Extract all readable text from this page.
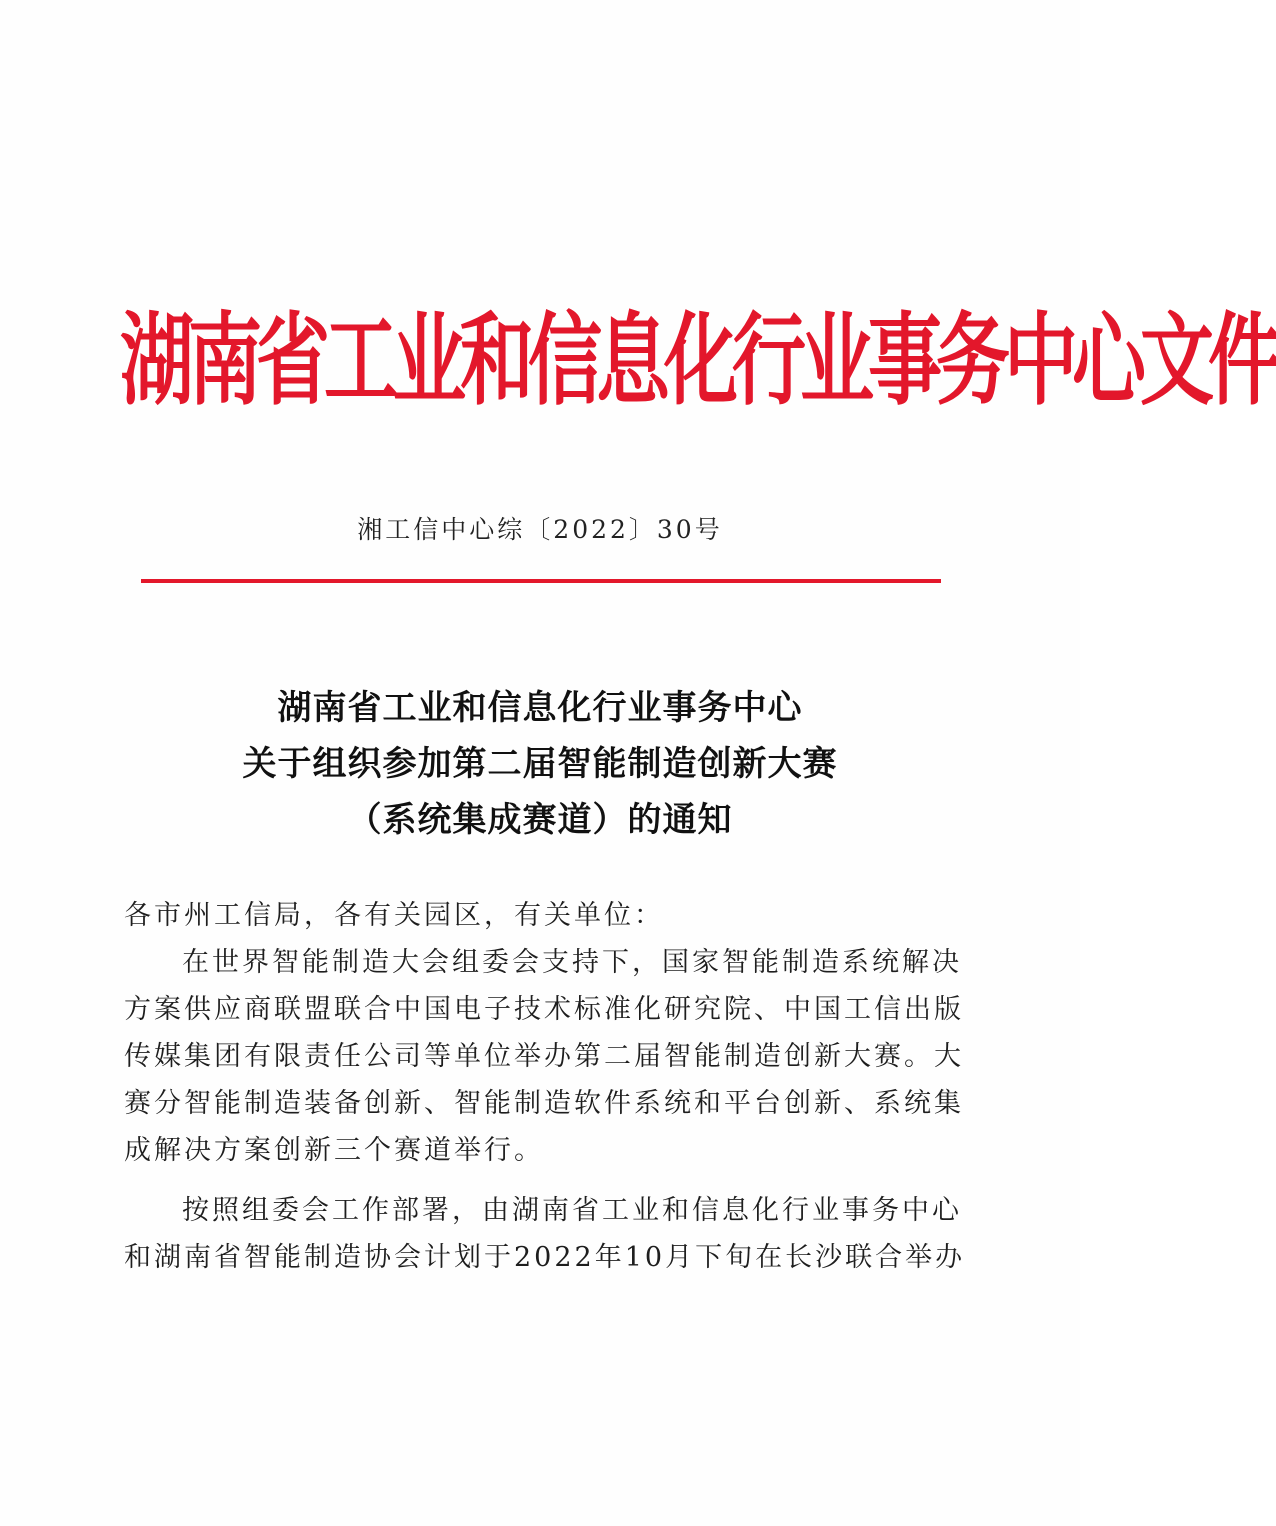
湖南省工业和信息化行业事务中心文件
湘工信中心综〔2022〕30号
湖南省工业和信息化行业事务中心
关于组织参加第二届智能制造创新大赛
（系统集成赛道）的通知
各市州工信局，各有关园区，有关单位：
在世界智能制造大会组委会支持下，国家智能制造系统解决
方案供应商联盟联合中国电子技术标准化研究院、中国工信出版
传媒集团有限责任公司等单位举办第二届智能制造创新大赛。大
赛分智能制造装备创新、智能制造软件系统和平台创新、系统集
成解决方案创新三个赛道举行。
按照组委会工作部署，由湖南省工业和信息化行业事务中心
和湖南省智能制造协会计划于2022年10月下旬在长沙联合举办
